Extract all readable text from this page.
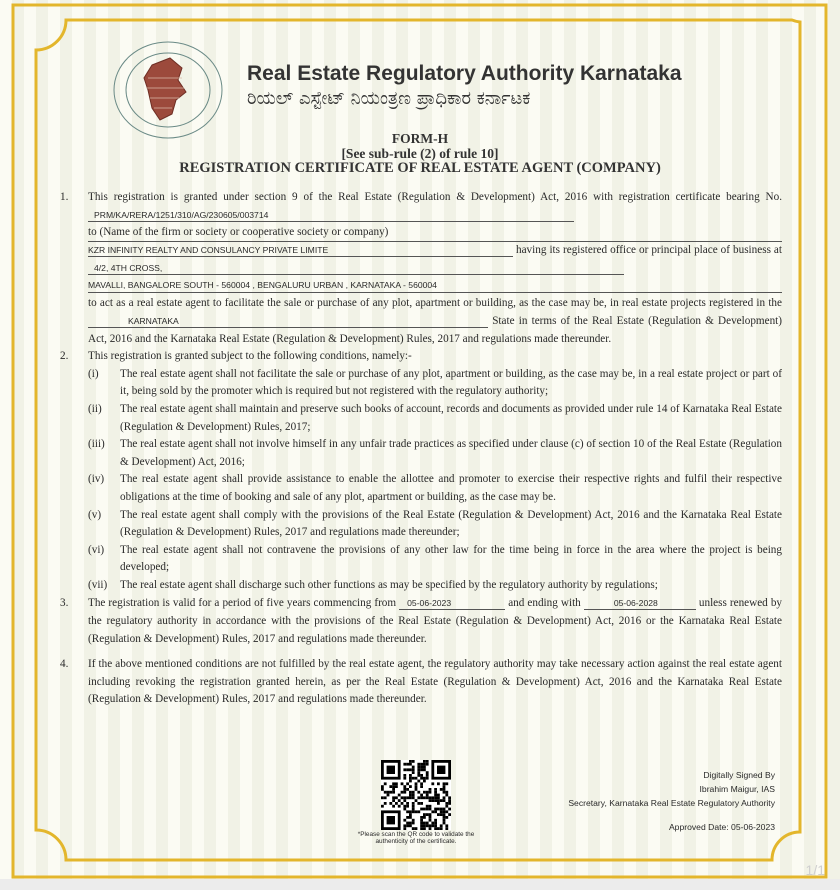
Real Estate Regulatory Authority Karnataka
ರಿಯಲ್ ಎಸ್ಟೇಟ್ ನಿಯಂತ್ರಣ ಪ್ರಾಧಿಕಾರ ಕರ್ನಾಟಕ
FORM-H
[See sub-rule (2) of rule 10]
REGISTRATION CERTIFICATE OF REAL ESTATE AGENT (COMPANY)
1. This registration is granted under section 9 of the Real Estate (Regulation & Development) Act, 2016 with registration certificate bearing No. PRM/KA/RERA/1251/310/AG/230605/003714
to (Name of the firm or society or cooperative society or company)
KZR INFINITY REALTY AND CONSULANCY PRIVATE LIMITE	having its registered office or principal place of business at 4/2, 4TH CROSS,
MAVALLI, BANGALORE SOUTH - 560004 , BENGALURU URBAN , KARNATAKA - 560004
to act as a real estate agent to facilitate the sale or purchase of any plot, apartment or building, as the case may be, in real estate projects registered in the KARNATAKA	State in terms of the Real Estate (Regulation & Development) Act, 2016 and the Karnataka Real Estate (Regulation & Development) Rules, 2017 and regulations made thereunder.
2. This registration is granted subject to the following conditions, namely:-
(i) The real estate agent shall not facilitate the sale or purchase of any plot, apartment or building, as the case may be, in a real estate project or part of it, being sold by the promoter which is required but not registered with the regulatory authority;
(ii) The real estate agent shall maintain and preserve such books of account, records and documents as provided under rule 14 of Karnataka Real Estate (Regulation & Development) Rules, 2017;
(iii) The real estate agent shall not involve himself in any unfair trade practices as specified under clause (c) of section 10 of the Real Estate (Regulation & Development) Act, 2016;
(iv) The real estate agent shall provide assistance to enable the allottee and promoter to exercise their respective rights and fulfil their respective obligations at the time of booking and sale of any plot, apartment or building, as the case may be.
(v) The real estate agent shall comply with the provisions of the Real Estate (Regulation & Development) Act, 2016 and the Karnataka Real Estate (Regulation & Development) Rules, 2017 and regulations made thereunder;
(vi) The real estate agent shall not contravene the provisions of any other law for the time being in force in the area where the project is being developed;
(vii) The real estate agent shall discharge such other functions as may be specified by the regulatory authority by regulations;
3. The registration is valid for a period of five years commencing from 05-06-2023	and ending with	05-06-2028	unless renewed by the regulatory authority in accordance with the provisions of the Real Estate (Regulation & Development) Act, 2016 or the Karnataka Real Estate (Regulation & Development) Rules, 2017 and regulations made thereunder.
4. If the above mentioned conditions are not fulfilled by the real estate agent, the regulatory authority may take necessary action against the real estate agent including revoking the registration granted herein, as per the Real Estate (Regulation & Development) Act, 2016 and the Karnataka Real Estate (Regulation & Development) Rules, 2017 and regulations made thereunder.
*Please scan the QR code to validate the authenticity of the certificate.
Digitally Signed By
Ibrahim Maigur, IAS
Secretary, Karnataka Real Estate Regulatory Authority
Approved Date: 05-06-2023
1/1
